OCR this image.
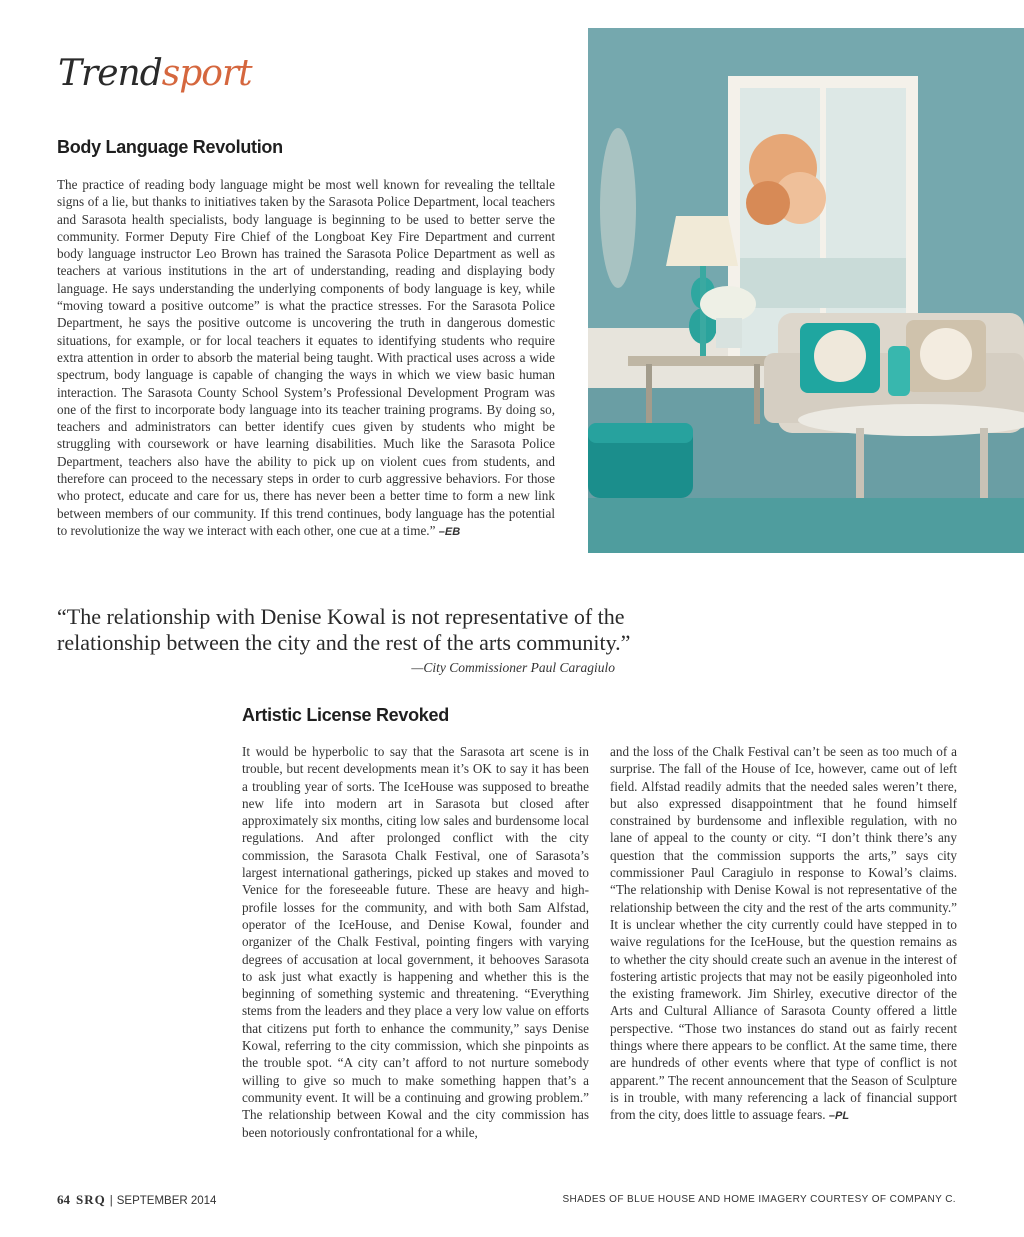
Trendsport
Body Language Revolution
The practice of reading body language might be most well known for revealing the telltale signs of a lie, but thanks to initiatives taken by the Sarasota Police Department, local teachers and Sarasota health specialists, body language is beginning to be used to better serve the community. Former Deputy Fire Chief of the Longboat Key Fire Department and current body language instructor Leo Brown has trained the Sarasota Police Department as well as teachers at various institutions in the art of understanding, reading and displaying body language. He says understanding the underlying components of body language is key, while “moving toward a positive outcome” is what the practice stresses. For the Sarasota Police Department, he says the positive outcome is uncovering the truth in dangerous domestic situations, for example, or for local teachers it equates to identifying students who require extra attention in order to absorb the material being taught. With practical uses across a wide spectrum, body language is capable of changing the ways in which we view basic human interaction. The Sarasota County School System’s Professional Development Program was one of the first to incorporate body language into its teacher training programs. By doing so, teachers and administrators can better identify cues given by students who might be struggling with coursework or have learning disabilities. Much like the Sarasota Police Department, teachers also have the ability to pick up on violent cues from students, and therefore can proceed to the necessary steps in order to curb aggressive behaviors. For those who protect, educate and care for us, there has never been a better time to form a new link between members of our community. If this trend continues, body language has the potential to revolutionize the way we interact with each other, one cue at a time.” –EB
“The relationship with Denise Kowal is not representative of the relationship between the city and the rest of the arts community.”
—City Commissioner Paul Caragiulo
Artistic License Revoked
It would be hyperbolic to say that the Sarasota art scene is in trouble, but recent developments mean it’s OK to say it has been a troubling year of sorts. The IceHouse was supposed to breathe new life into modern art in Sarasota but closed after approximately six months, citing low sales and burdensome local regulations. And after prolonged conflict with the city commission, the Sarasota Chalk Festival, one of Sarasota’s largest international gatherings, picked up stakes and moved to Venice for the foreseeable future. These are heavy and high-profile losses for the community, and with both Sam Alfstad, operator of the IceHouse, and Denise Kowal, founder and organizer of the Chalk Festival, pointing fingers with varying degrees of accusation at local government, it behooves Sarasota to ask just what exactly is happening and whether this is the beginning of something systemic and threatening. “Everything stems from the leaders and they place a very low value on efforts that citizens put forth to enhance the community,” says Denise Kowal, referring to the city commission, which she pinpoints as the trouble spot. “A city can’t afford to not nurture somebody willing to give so much to make something happen that’s a community event. It will be a continuing and growing problem.” The relationship between Kowal and the city commission has been notoriously confrontational for a while,
and the loss of the Chalk Festival can’t be seen as too much of a surprise. The fall of the House of Ice, however, came out of left field. Alfstad readily admits that the needed sales weren’t there, but also expressed disappointment that he found himself constrained by burdensome and inflexible regulation, with no lane of appeal to the county or city. “I don’t think there’s any question that the commission supports the arts,” says city commissioner Paul Caragiulo in response to Kowal’s claims. “The relationship with Denise Kowal is not representative of the relationship between the city and the rest of the arts community.” It is unclear whether the city currently could have stepped in to waive regulations for the IceHouse, but the question remains as to whether the city should create such an avenue in the interest of fostering artistic projects that may not be easily pigeonholed into the existing framework. Jim Shirley, executive director of the Arts and Cultural Alliance of Sarasota County offered a little perspective. “Those two instances do stand out as fairly recent things where there appears to be conflict. At the same time, there are hundreds of other events where that type of conflict is not apparent.” The recent announcement that the Season of Sculpture is in trouble, with many referencing a lack of financial support from the city, does little to assuage fears. –PL
64 SRQ | SEPTEMBER 2014	SHADES OF BLUE HOUSE AND HOME IMAGERY COURTESY OF COMPANY C.
